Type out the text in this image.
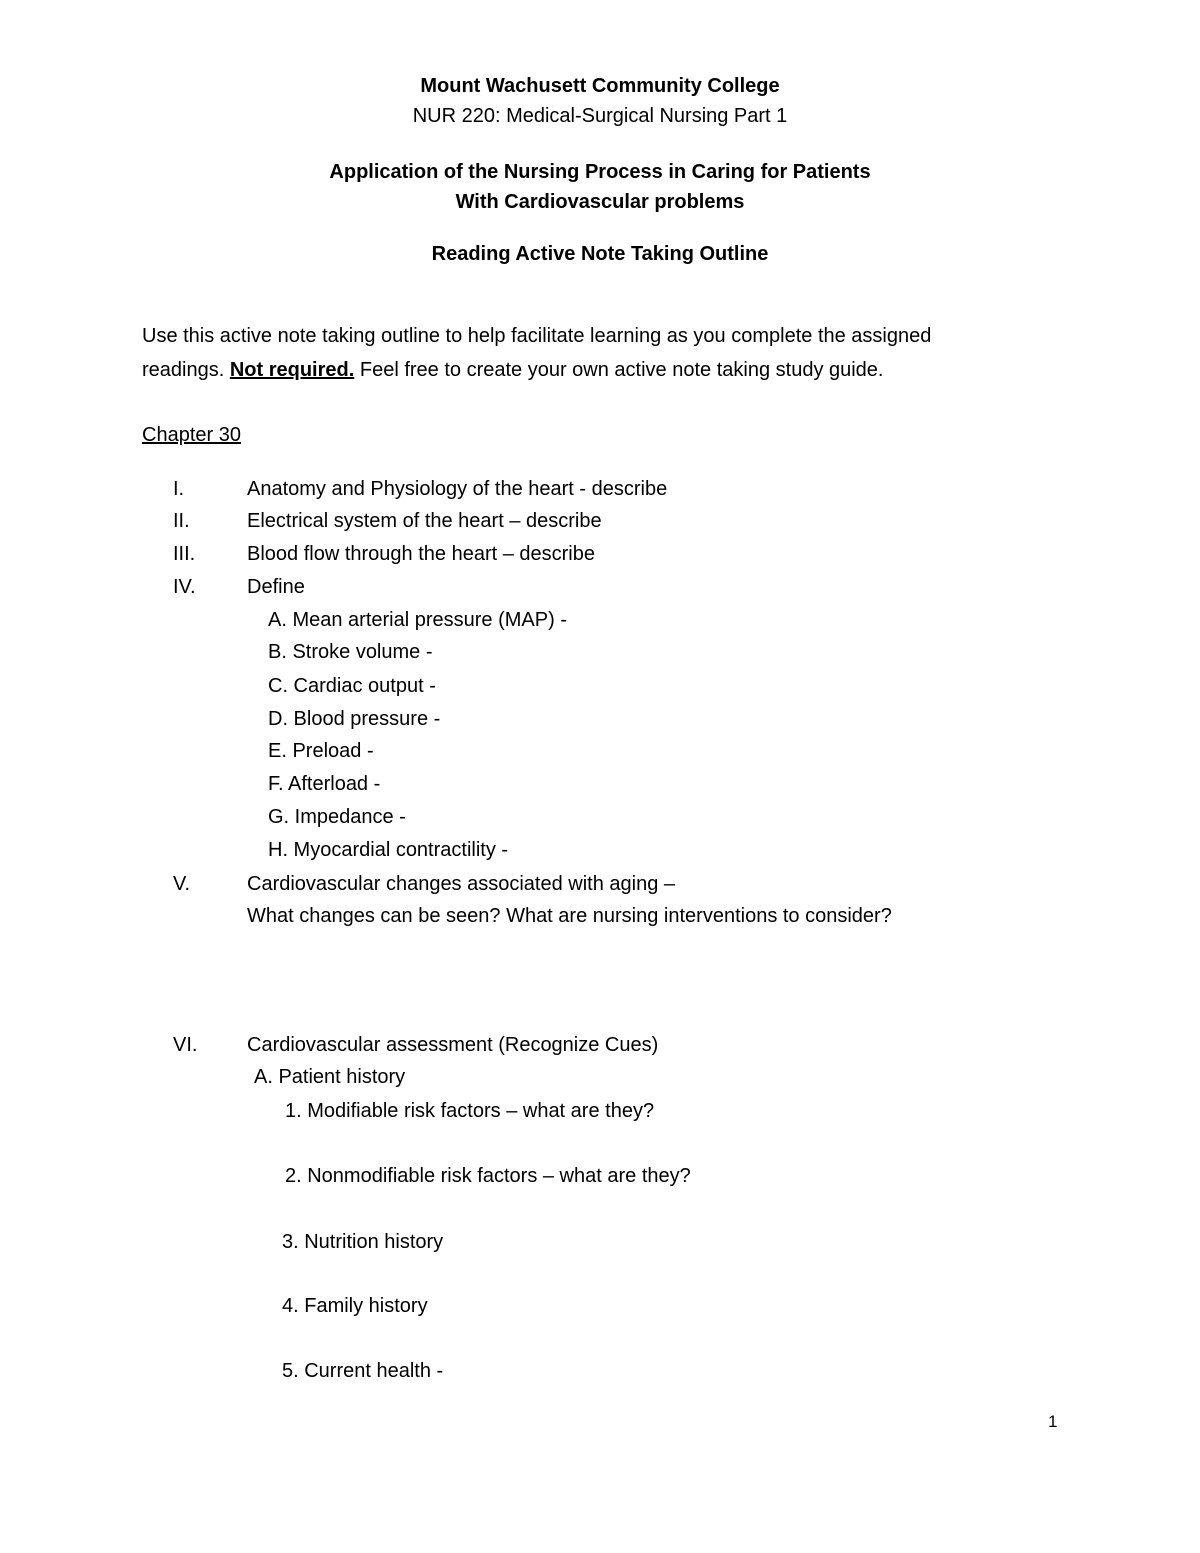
Mount Wachusett Community College
NUR 220: Medical-Surgical Nursing Part 1
Application of the Nursing Process in Caring for Patients
With Cardiovascular problems
Reading Active Note Taking Outline
Use this active note taking outline to help facilitate learning as you complete the assigned
readings. Not required. Feel free to create your own active note taking study guide.
Chapter 30
I.	Anatomy and Physiology of the heart - describe
II.	Electrical system of the heart – describe
III.	Blood flow through the heart – describe
IV.	Define
A. Mean arterial pressure (MAP) -
B. Stroke volume -
C. Cardiac output -
D. Blood pressure -
E. Preload -
F. Afterload -
G. Impedance -
H. Myocardial contractility -
V.	Cardiovascular changes associated with aging –
What changes can be seen? What are nursing interventions to consider?
VI. Cardiovascular assessment (Recognize Cues)
A. Patient history
1. Modifiable risk factors – what are they?
2. Nonmodifiable risk factors – what are they?
3. Nutrition history
4. Family history
5. Current health -
1
